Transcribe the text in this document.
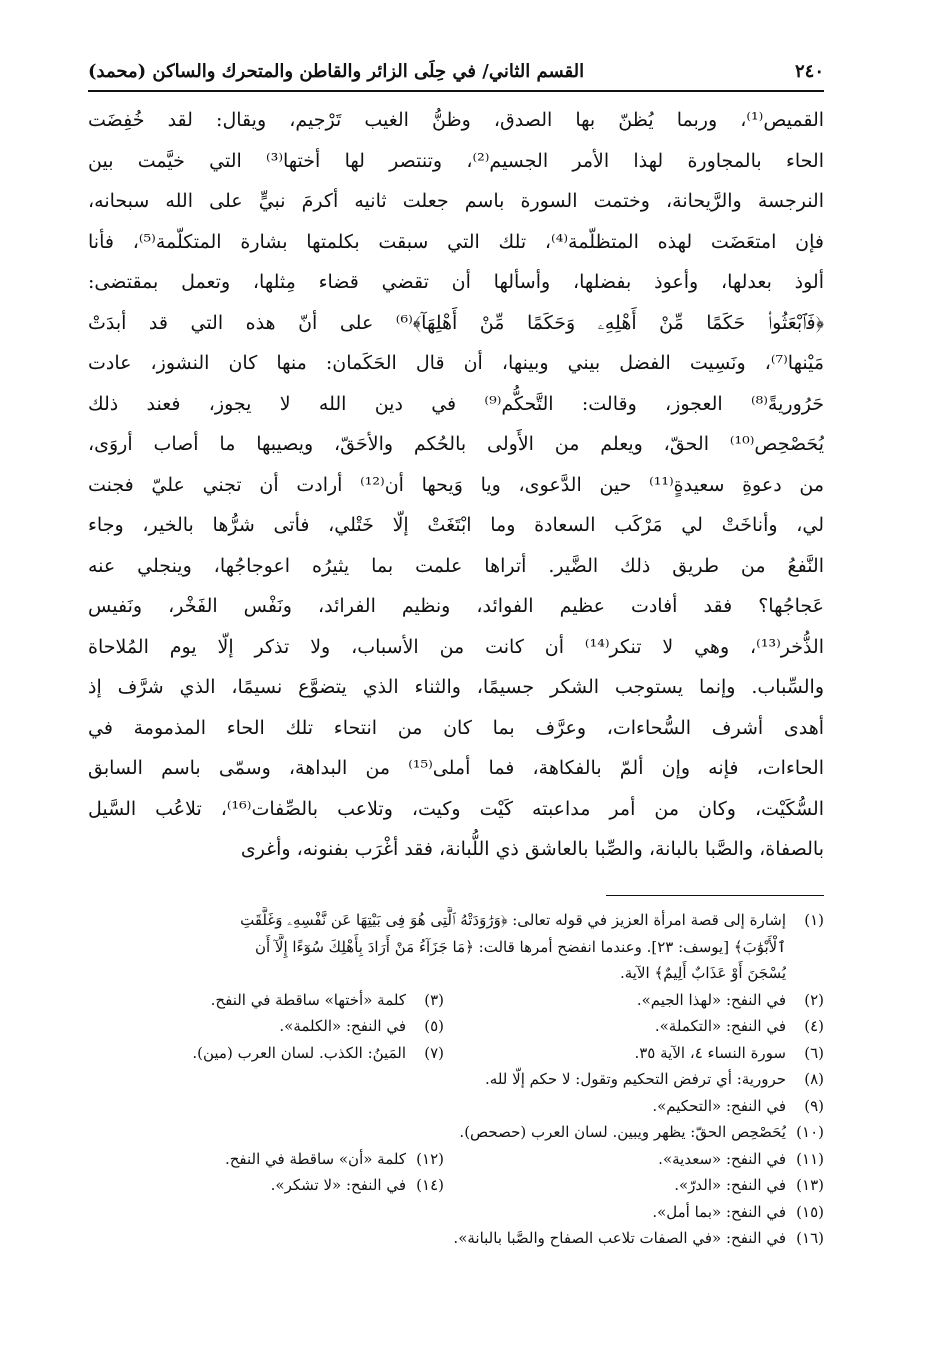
٢٤٠
القسم الثاني/ في حِلَى الزائر والقاطن والمتحرك والساكن (محمد)
القميص⁽¹⁾، وربما يُظنّ بها الصدق، وظنُّ الغيب تَرْجيم، ويقال: لقد خُفِضَت
الحاء بالمجاورة لهذا الأمر الجسيم⁽²⁾، وتنتصر لها أختها⁽³⁾ التي خيَّمت بين
النرجسة والرَّيحانة، وختمت السورة باسم جعلت ثانيه أكرمَ نبيٍّ على الله سبحانه،
فإن امتعَضَت لهذه المتظلّمة⁽⁴⁾، تلك التي سبقت بكلمتها بشارة المتكلّمة⁽⁵⁾، فأنا
ألوذ بعدلها، وأعوذ بفضلها، وأسألها أن تقضي قضاء مِثلها، وتعمل بمقتضى:
﴿فَٱبْعَثُوا۟ حَكَمًا مِّنْ أَهْلِهِۦ وَحَكَمًا مِّنْ أَهْلِهَآ﴾⁽⁶⁾ على أنّ هذه التي قد أبدَتْ
مَيْنها⁽⁷⁾، ونَسِيت الفضل بيني وبينها، أن قال الحَكَمان: منها كان النشوز، عادت
حَرُوريةً⁽⁸⁾ العجوز، وقالت: التَّحكُّم⁽⁹⁾ في دين الله لا يجوز، فعند ذلك
يُحَصْحِص⁽¹⁰⁾ الحقّ، ويعلم من الأَولى بالحُكم والأحَقّ، ويصيبها ما أصاب أروَى،
من دعوةِ سعيدةٍ⁽¹¹⁾ حين الدَّعوى، ويا وَيحها أن⁽¹²⁾ أرادت أن تجني عليّ فجنت
لي، وأناخَتْ لي مَرْكَب السعادة وما ابْتَغَتْ إلّا خَتْلي، فأتى شرُّها بالخير، وجاء
النَّفعُ من طريق ذلك الضَّير. أتراها علمت بما يثيرُه اعوجاجُها، وينجلي عنه
عَجاجُها؟ فقد أفادت عظيم الفوائد، ونظيم الفرائد، ونَفْس الفَخْر، ونَفيس
الذُّخر⁽¹³⁾، وهي لا تنكر⁽¹⁴⁾ أن كانت من الأسباب، ولا تذكر إلّا يوم المُلاحاة
والسِّباب. وإنما يستوجب الشكر جسيمًا، والثناء الذي يتضوَّع نسيمًا، الذي شرَّف إذ
أهدى أشرف السُّحاءات، وعرَّف بما كان من انتحاء تلك الحاء المذمومة في
الحاءات، فإنه وإن ألمّ بالفكاهة، فما أملى⁽¹⁵⁾ من البداهة، وسمّى باسم السابق
السُّكَيْت، وكان من أمر مداعبته كَيْت وكيت، وتلاعب بالصِّفات⁽¹⁶⁾، تلاعُب السَّيل
بالصفاة، والصَّبا بالبانة، والصِّبا بالعاشق ذي اللُّبانة، فقد أغْرَب بفنونه، وأغرى
(١)
إشارة إلى قصة امرأة العزيز في قوله تعالى: ﴿وَرَٰوَدَتْهُ ٱلَّتِى هُوَ فِى بَيْتِهَا عَن نَّفْسِهِۦ وَغَلَّقَتِ
ٱلْأَبْوَٰبَ﴾ [يوسف: ٢٣]. وعندما انفضح أمرها قالت: ﴿مَا جَزَآءُ مَنْ أَرَادَ بِأَهْلِكَ سُوٓءًا إِلَّآ أَن
يُسْجَنَ أَوْ عَذَابٌ أَلِيمٌ﴾ الآية.
(٢)
في النفح: «لهذا الجيم».
(٣)
كلمة «أختها» ساقطة في النفح.
(٤)
في النفح: «التكملة».
(٥)
في النفح: «الكلمة».
(٦)
سورة النساء ٤، الآية ٣٥.
(٧)
المَينُ: الكذب. لسان العرب (مين).
(٨)
حرورية: أي ترفض التحكيم وتقول: لا حكم إلّا لله.
(٩)
في النفح: «التحكيم».
(١٠)
يُحَصْحِص الحقّ: يظهر ويبين. لسان العرب (حصحص).
(١١)
في النفح: «سعدية».
(١٢)
كلمة «أن» ساقطة في النفح.
(١٣)
في النفح: «الدرّ».
(١٤)
في النفح: «لا تشكر».
(١٥)
في النفح: «بما أمل».
(١٦)
في النفح: «في الصفات تلاعب الصفاح والصَّبا بالبانة».
